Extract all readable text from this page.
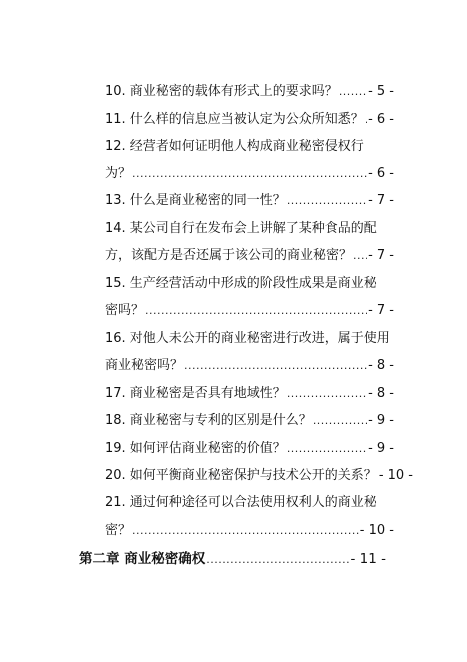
10. 商业秘密的载体有形式上的要求吗？ ..... - 5 -
11. 什么样的信息应当被认定为公众所知悉？ ..... - 6 -
12. 经营者如何证明他人构成商业秘密侵权行
为？ .....	- 6 -
13. 什么是商业秘密的同一性？ .....	- 7 -
14. 某公司自行在发布会上讲解了某种食品的配
方，该配方是否还属于该公司的商业秘密？ ..... - 7 -
15. 生产经营活动中形成的阶段性成果是商业秘
密吗？ .....	- 7 -
16. 对他人未公开的商业秘密进行改进，属于使用
商业秘密吗？ .....	- 8 -
17. 商业秘密是否具有地域性？ .....	- 8 -
18. 商业秘密与专利的区别是什么？ .....	- 9 -
19. 如何评估商业秘密的价值？ .....	- 9 -
20. 如何平衡商业秘密保护与技术公开的关系？ - 10 -
21. 通过何种途径可以合法使用权利人的商业秘
密？ .....	- 10 -
第二章 商业秘密确权 .....	- 11 -
